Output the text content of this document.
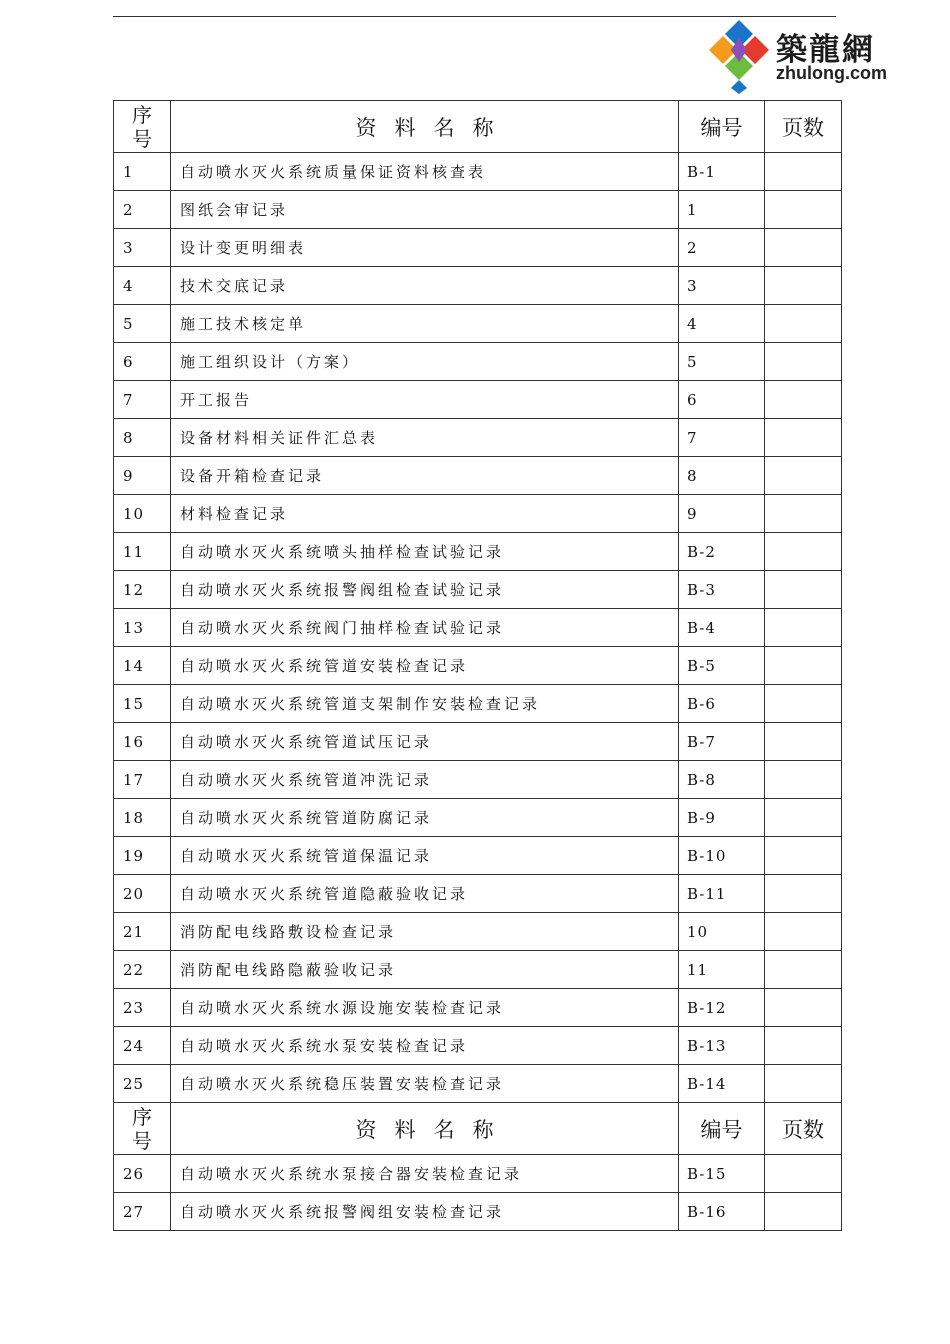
築龍網
zhulong.com
序
号	资料名称	编号	页数
1	自动喷水灭火系统质量保证资料核查表	B-1	
2	图纸会审记录	1	
3	设计变更明细表	2	
4	技术交底记录	3	
5	施工技术核定单	4	
6	施工组织设计（方案）	5	
7	开工报告	6	
8	设备材料相关证件汇总表	7	
9	设备开箱检查记录	8	
10	材料检查记录	9	
11	自动喷水灭火系统喷头抽样检查试验记录	B-2	
12	自动喷水灭火系统报警阀组检查试验记录	B-3	
13	自动喷水灭火系统阀门抽样检查试验记录	B-4	
14	自动喷水灭火系统管道安装检查记录	B-5	
15	自动喷水灭火系统管道支架制作安装检查记录	B-6	
16	自动喷水灭火系统管道试压记录	B-7	
17	自动喷水灭火系统管道冲洗记录	B-8	
18	自动喷水灭火系统管道防腐记录	B-9	
19	自动喷水灭火系统管道保温记录	B-10	
20	自动喷水灭火系统管道隐蔽验收记录	B-11	
21	消防配电线路敷设检查记录	10	
22	消防配电线路隐蔽验收记录	11	
23	自动喷水灭火系统水源设施安装检查记录	B-12	
24	自动喷水灭火系统水泵安装检查记录	B-13	
25	自动喷水灭火系统稳压装置安装检查记录	B-14	

序
号	资料名称	编号	页数
26	自动喷水灭火系统水泵接合器安装检查记录	B-15	
27	自动喷水灭火系统报警阀组安装检查记录	B-16	
